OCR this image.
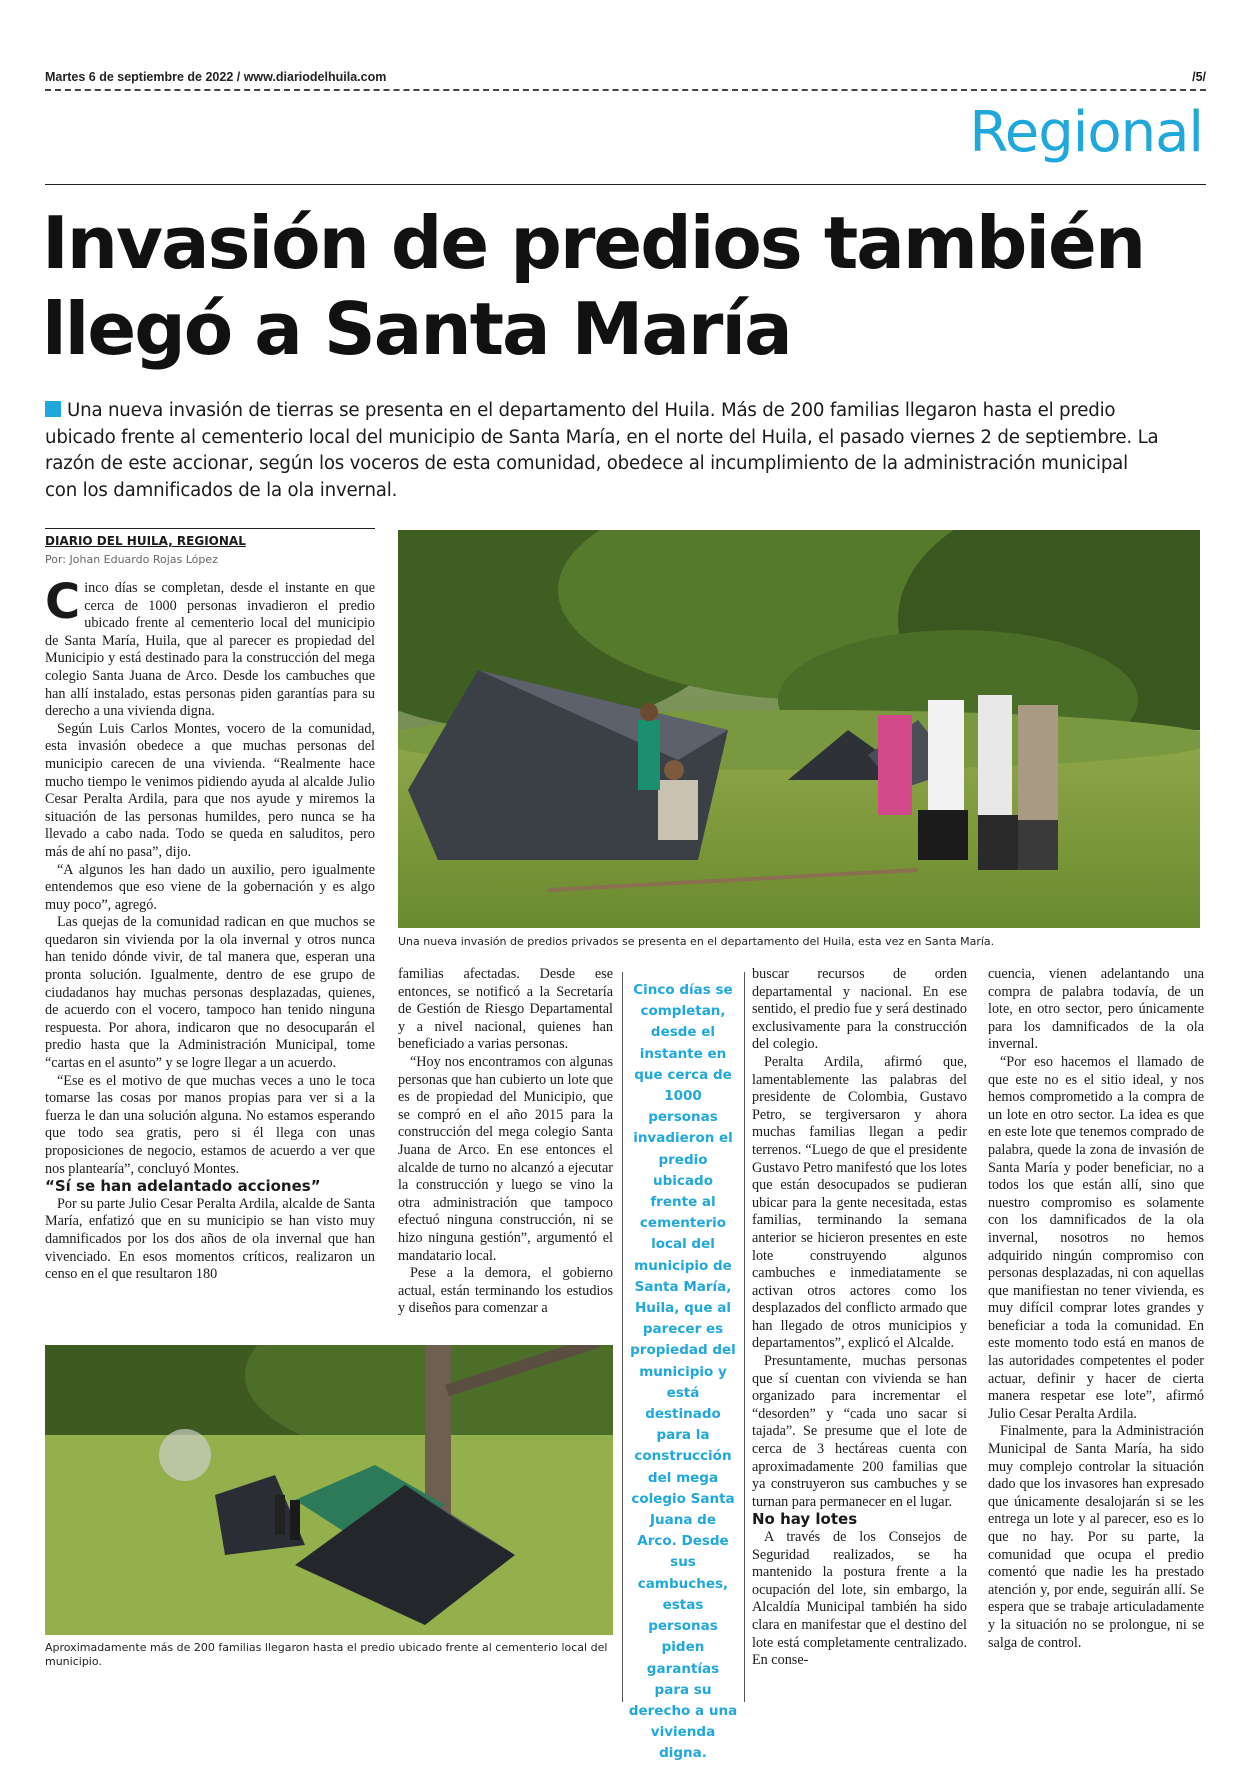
Martes 6 de septiembre de 2022 / www.diariodelhuila.com	/5/
Regional
Invasión de predios también
llegó a Santa María
Una nueva invasión de tierras se presenta en el departamento del Huila. Más de 200 familias llegaron hasta el predio ubicado frente al cementerio local del municipio de Santa María, en el norte del Huila, el pasado viernes 2 de septiembre. La razón de este accionar, según los voceros de esta comunidad, obedece al incumplimiento de la administración municipal con los damnificados de la ola invernal.
DIARIO DEL HUILA, REGIONAL
Por: Johan Eduardo Rojas López

Cinco días se completan, desde el instante en que cerca de 1000 personas invadieron el predio ubicado frente al cementerio local del municipio de Santa María, Huila, que al parecer es propiedad del Municipio y está destinado para la construcción del mega colegio Santa Juana de Arco. Desde los cambuches que han allí instalado, estas personas piden garantías para su derecho a una vivienda digna.

Según Luis Carlos Montes, vocero de la comunidad, esta invasión obedece a que muchas personas del municipio carecen de una vivienda. “Realmente hace mucho tiempo le venimos pidiendo ayuda al alcalde Julio Cesar Peralta Ardila, para que nos ayude y miremos la situación de las personas humildes, pero nunca se ha llevado a cabo nada. Todo se queda en saluditos, pero más de ahí no pasa”, dijo.

“A algunos les han dado un auxilio, pero igualmente entendemos que eso viene de la gobernación y es algo muy poco”, agregó.

Las quejas de la comunidad radican en que muchos se quedaron sin vivienda por la ola invernal y otros nunca han tenido dónde vivir, de tal manera que, esperan una pronta solución. Igualmente, dentro de ese grupo de ciudadanos hay muchas personas desplazadas, quienes, de acuerdo con el vocero, tampoco han tenido ninguna respuesta. Por ahora, indicaron que no desocuparán el predio hasta que la Administración Municipal, tome “cartas en el asunto” y se logre llegar a un acuerdo.

“Ese es el motivo de que muchas veces a uno le toca tomarse las cosas por manos propias para ver si a la fuerza le dan una solución alguna. No estamos esperando que todo sea gratis, pero si él llega con unas proposiciones de negocio, estamos de acuerdo a ver que nos plantearía”, concluyó Montes.

“Sí se han adelantado acciones”

Por su parte Julio Cesar Peralta Ardila, alcalde de Santa María, enfatizó que en su municipio se han visto muy damnificados por los dos años de ola invernal que han vivenciado. En esos momentos críticos, realizaron un censo en el que resultaron 180

Una nueva invasión de predios privados se presenta en el departamento del Huila, esta vez en Santa María.

familias afectadas. Desde ese entonces, se notificó a la Secretaría de Gestión de Riesgo Departamental y a nivel nacional, quienes han beneficiado a varias personas.

“Hoy nos encontramos con algunas personas que han cubierto un lote que es de propiedad del Municipio, que se compró en el año 2015 para la construcción del mega colegio Santa Juana de Arco. En ese entonces el alcalde de turno no alcanzó a ejecutar la construcción y luego se vino la otra administración que tampoco efectuó ninguna construcción, ni se hizo ninguna gestión”, argumentó el mandatario local.

Pese a la demora, el gobierno actual, están terminando los estudios y diseños para comenzar a

Cinco días se completan, desde el instante en que cerca de 1000 personas invadieron el predio ubicado frente al cementerio local del municipio de Santa María, Huila, que al parecer es propiedad del municipio y está destinado para la construcción del mega colegio Santa Juana de Arco. Desde sus cambuches, estas personas piden garantías para su derecho a una vivienda digna.

buscar recursos de orden departamental y nacional. En ese sentido, el predio fue y será destinado exclusivamente para la construcción del colegio.

Peralta Ardila, afirmó que, lamentablemente las palabras del presidente de Colombia, Gustavo Petro, se tergiversaron y ahora muchas familias llegan a pedir terrenos. “Luego de que el presidente Gustavo Petro manifestó que los lotes que están desocupados se pudieran ubicar para la gente necesitada, estas familias, terminando la semana anterior se hicieron presentes en este lote construyendo algunos cambuches e inmediatamente se activan otros actores como los desplazados del conflicto armado que han llegado de otros municipios y departamentos”, explicó el Alcalde.

Presuntamente, muchas personas que sí cuentan con vivienda se han organizado para incrementar el “desorden” y “cada uno sacar si tajada”. Se presume que el lote de cerca de 3 hectáreas cuenta con aproximadamente 200 familias que ya construyeron sus cambuches y se turnan para permanecer en el lugar.

No hay lotes

A través de los Consejos de Seguridad realizados, se ha mantenido la postura frente a la ocupación del lote, sin embargo, la Alcaldía Municipal también ha sido clara en manifestar que el destino del lote está completamente centralizado. En conse-

cuencia, vienen adelantando una compra de palabra todavía, de un lote, en otro sector, pero únicamente para los damnificados de la ola invernal.

“Por eso hacemos el llamado de que este no es el sitio ideal, y nos hemos comprometido a la compra de un lote en otro sector. La idea es que en este lote que tenemos comprado de palabra, quede la zona de invasión de Santa María y poder beneficiar, no a todos los que están allí, sino que nuestro compromiso es solamente con los damnificados de la ola invernal, nosotros no hemos adquirido ningún compromiso con personas desplazadas, ni con aquellas que manifiestan no tener vivienda, es muy difícil comprar lotes grandes y beneficiar a toda la comunidad. En este momento todo está en manos de las autoridades competentes el poder actuar, definir y hacer de cierta manera respetar ese lote”, afirmó Julio Cesar Peralta Ardila.

Finalmente, para la Administración Municipal de Santa María, ha sido muy complejo controlar la situación dado que los invasores han expresado que únicamente desalojarán si se les entrega un lote y al parecer, eso es lo que no hay. Por su parte, la comunidad que ocupa el predio comentó que nadie les ha prestado atención y, por ende, seguirán allí. Se espera que se trabaje articuladamente y la situación no se prolongue, ni se salga de control.

Aproximadamente más de 200 familias llegaron hasta el predio ubicado frente al cementerio local del municipio.
